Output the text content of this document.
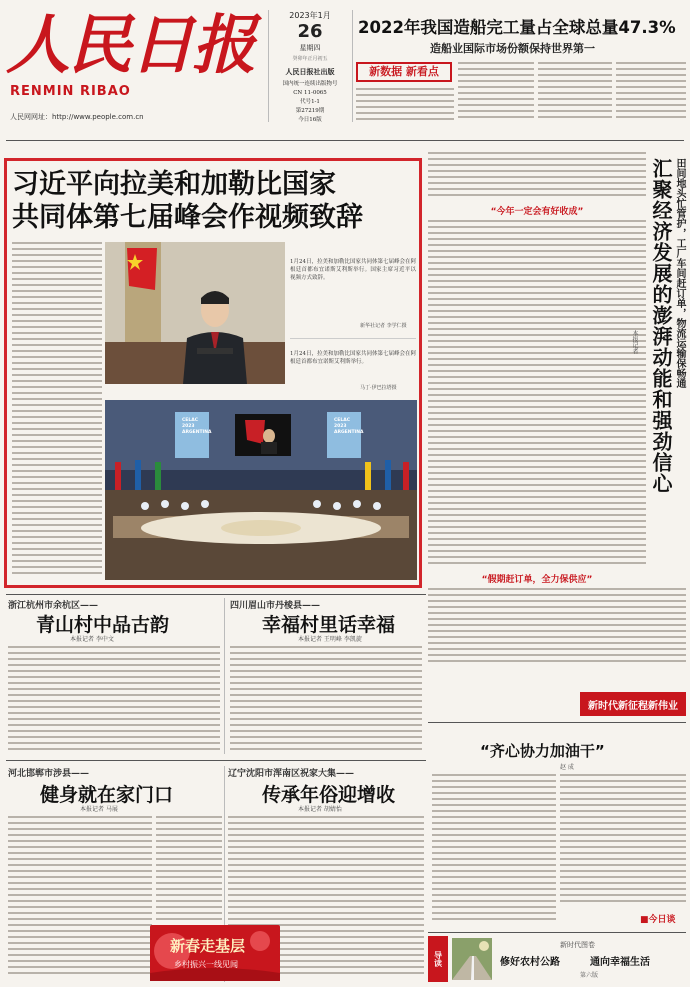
人民日报
RENMIN RIBAO
人民网网址：http://www.people.com.cn
2023年1月
26
星期四
癸卯年正月初五
人民日报社出版
国内统一连续出版物号
CN 11-0065
代号1-1
第27219期
今日16版
2022年我国造船完工量占全球总量47.3%
造船业国际市场份额保持世界第一
新数据 新看点
习近平向拉美和加勒比国家
共同体第七届峰会作视频致辞
1月24日，拉美和加勒比国家共同体第七届峰会在阿根廷首都布宜诺斯艾利斯举行。国家主席习近平以视频方式致辞。
新华社记者 李学仁摄
1月24日，拉美和加勒比国家共同体第七届峰会在阿根廷首都布宜诺斯艾利斯举行。
马丁·伊巴拉塔摄
CELAC 2023 ARGENTINA
CELAC 2023 ARGENTINA
“今年一定会有好收成”
“假期赶订单，全力保供应”
田间地头忙管护，工厂车间赶订单，物流运输保畅通
汇聚经济发展的澎湃动能和强劲信心
本报记者
新时代新征程新伟业
浙江杭州市余杭区——
青山村中品古韵
本报记者 李中文
四川眉山市丹棱县——
幸福村里话幸福
本报记者 王明峰 李凯旋
河北邯郸市涉县——
健身就在家门口
本报记者 马展
辽宁沈阳市浑南区祝家大集——
传承年俗迎增收
本报记者 胡婧怡
新春走基层
乡村振兴一线见闻
“齐心协力加油干”
赵 成
■今日谈
导读
新时代图卷
修好农村公路	通向幸福生活
第六版
